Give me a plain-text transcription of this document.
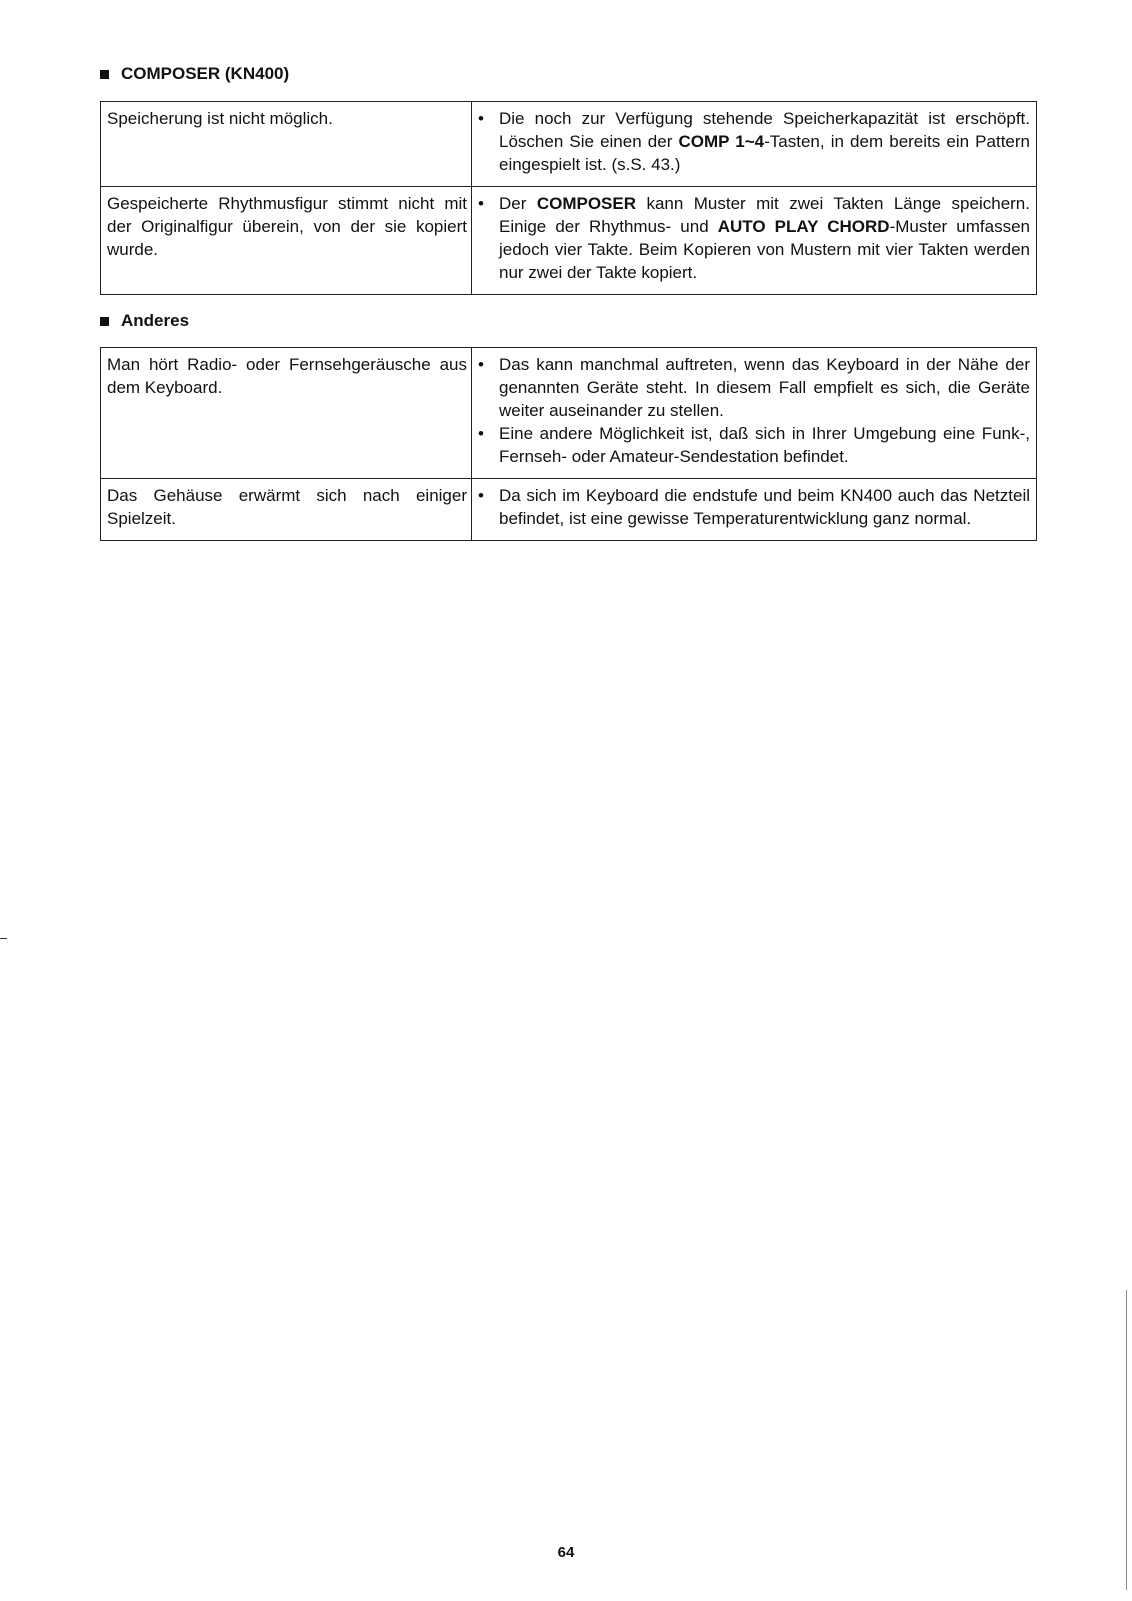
COMPOSER (KN400)
Speicherung ist nicht möglich.	• Die noch zur Verfügung stehende Speicherkapazität ist erschöpft. Löschen Sie einen der COMP 1~4-Tasten, in dem bereits ein Pattern eingespielt ist. (s.S. 43.)

Gespeicherte Rhythmusfigur stimmt nicht mit der Originalfigur überein, von der sie kopiert wurde.	• Der COMPOSER kann Muster mit zwei Takten Länge speichern. Einige der Rhythmus- und AUTO PLAY CHORD-Muster umfassen jedoch vier Takte. Beim Kopieren von Mustern mit vier Takten werden nur zwei der Takte kopiert.
Anderes
Man hört Radio- oder Fernsehgeräusche aus dem Keyboard.	• Das kann manchmal auftreten, wenn das Keyboard in der Nähe der genannten Geräte steht. In diesem Fall empfielt es sich, die Geräte weiter auseinander zu stellen.
• Eine andere Möglichkeit ist, daß sich in Ihrer Umgebung eine Funk-, Fernseh- oder Amateur-Sendestation befindet.

Das Gehäuse erwärmt sich nach einiger Spielzeit.	• Da sich im Keyboard die endstufe und beim KN400 auch das Netzteil befindet, ist eine gewisse Temperaturentwicklung ganz normal.
64
